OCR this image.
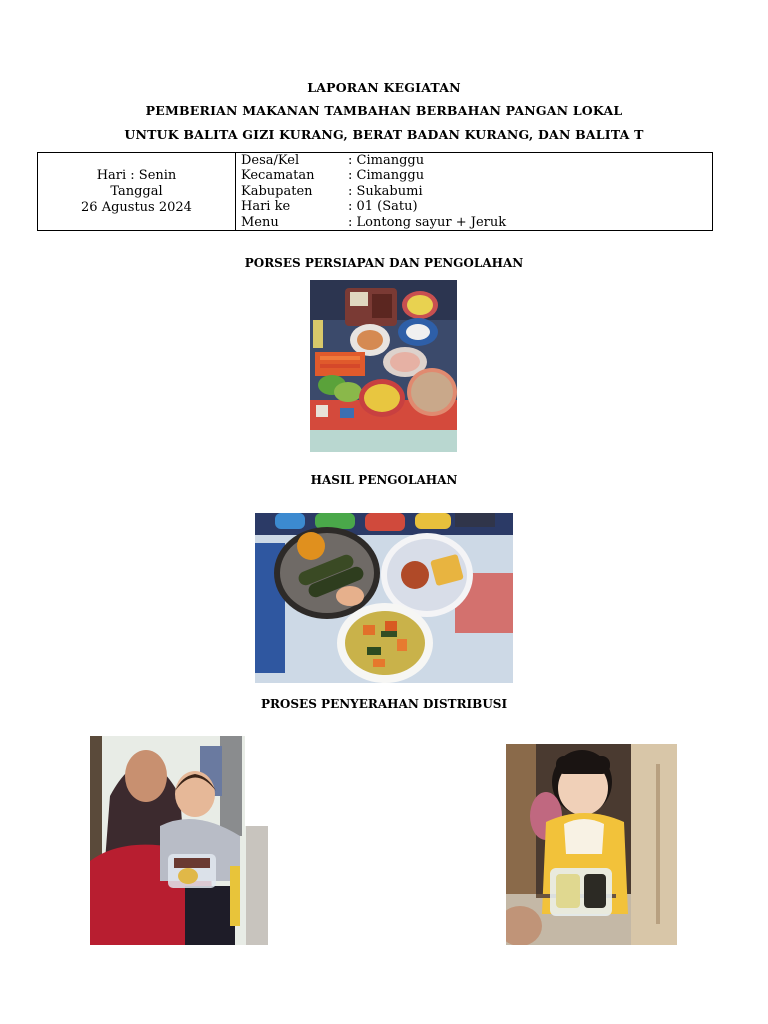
LAPORAN KEGIATAN
PEMBERIAN MAKANAN TAMBAHAN BERBAHAN PANGAN LOKAL
UNTUK BALITA GIZI KURANG, BERAT BADAN KURANG, DAN BALITA T
Hari : Senin
Tanggal
26 Agustus 2024
Desa/Kel	: Cimanggu
Kecamatan	: Cimanggu
Kabupaten	: Sukabumi
Hari ke	: 01 (Satu)
Menu	: Lontong sayur + Jeruk
PORSES PERSIAPAN DAN PENGOLAHAN
HASIL PENGOLAHAN
PROSES PENYERAHAN DISTRIBUSI
